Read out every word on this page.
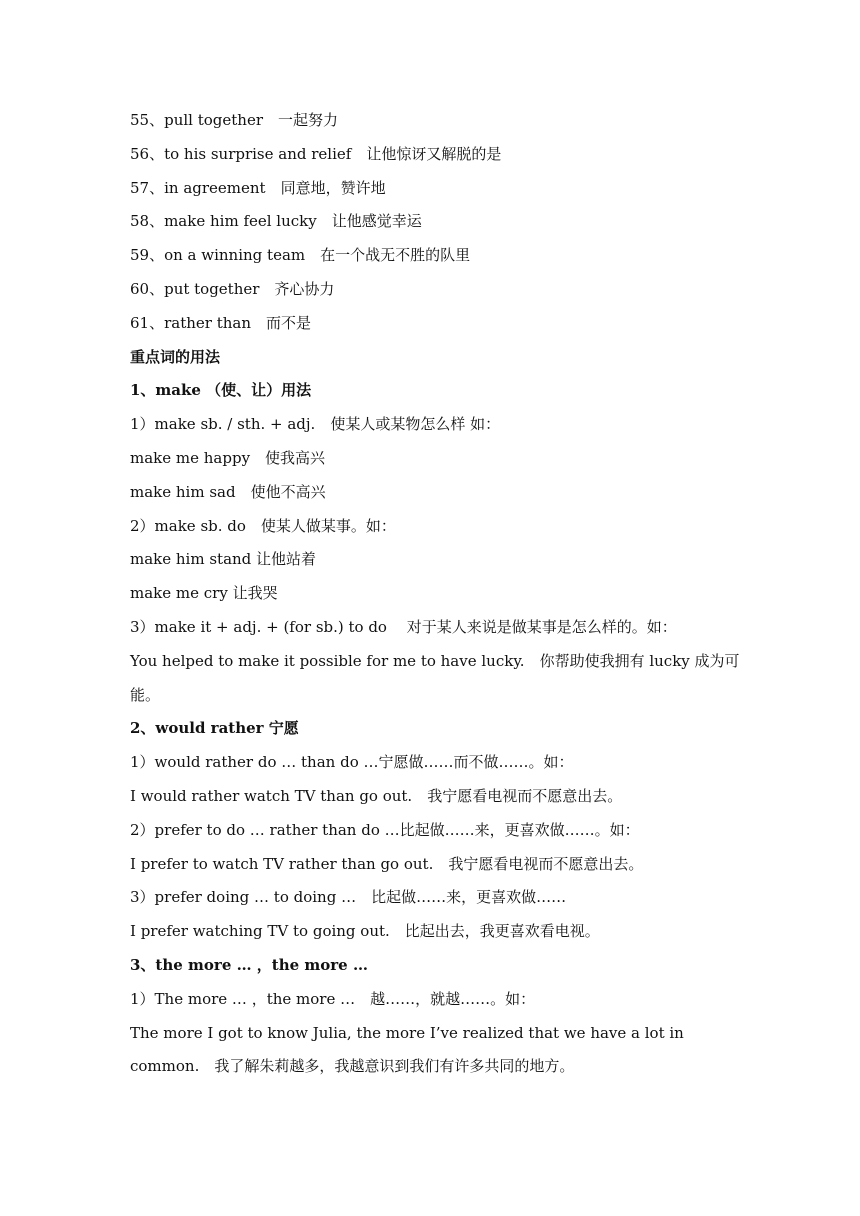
55、pull together　一起努力
56、to his surprise and relief　让他惊讶又解脱的是
57、in agreement　同意地，赞许地
58、make him feel lucky　让他感觉幸运
59、on a winning team　在一个战无不胜的队里
60、put together　齐心协力
61、rather than　而不是
重点词的用法
1、make （使、让）用法
1）make sb. / sth. + adj.　使某人或某物怎么样 如：
make me happy　使我高兴
make him sad　使他不高兴
2）make sb. do　使某人做某事。如：
make him stand 让他站着
make me cry 让我哭
3）make it + adj. + (for sb.) to do　 对于某人来说是做某事是怎么样的。如：
You helped to make it possible for me to have lucky.　你帮助使我拥有 lucky 成为可能。
2、would rather 宁愿
1）would rather do … than do …宁愿做……而不做……。如：
I would rather watch TV than go out.　我宁愿看电视而不愿意出去。
2）prefer to do … rather than do …比起做……来，更喜欢做……。如：
I prefer to watch TV rather than go out.　我宁愿看电视而不愿意出去。
3）prefer doing … to doing …　比起做……来，更喜欢做……
I prefer watching TV to going out.　比起出去，我更喜欢看电视。
3、the more … ，the more …
1）The more … ，the more …　越……，就越……。如：
The more I got to know Julia, the more I’ve realized that we have a lot in
common.　我了解朱莉越多，我越意识到我们有许多共同的地方。
